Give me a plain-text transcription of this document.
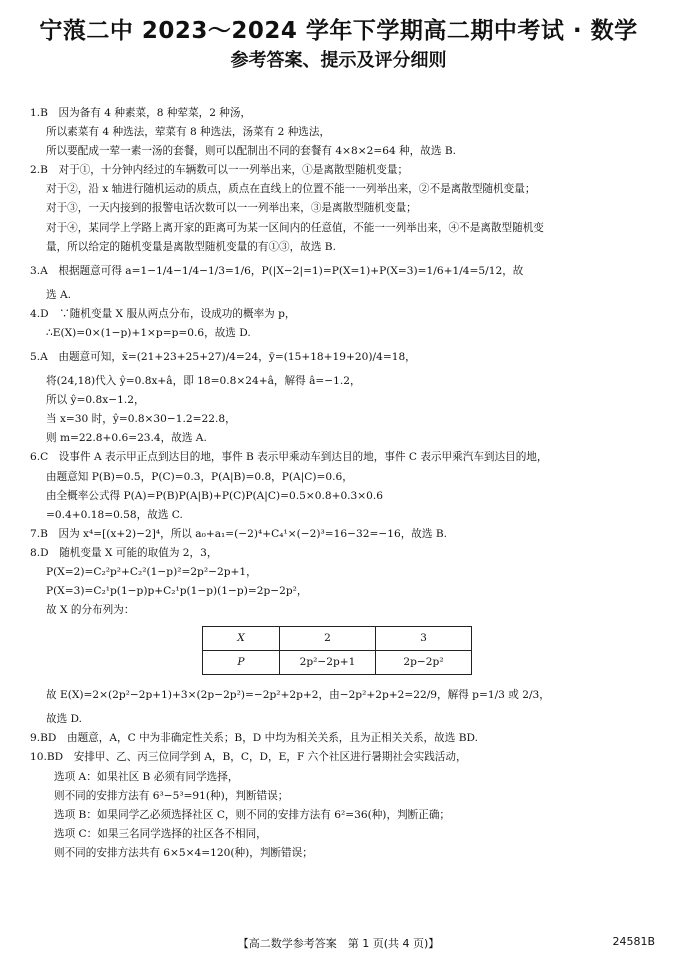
宁蒗二中 2023～2024 学年下学期高二期中考试 · 数学
参考答案、提示及评分细则
1.B　因为备有 4 种素菜，8 种荤菜，2 种汤，
所以素菜有 4 种选法，荤菜有 8 种选法，汤菜有 2 种选法，
所以要配成一荤一素一汤的套餐，则可以配制出不同的套餐有 4×8×2=64 种，故选 B.
2.B　对于①，十分钟内经过的车辆数可以一一列举出来，①是离散型随机变量；
对于②，沿 x 轴进行随机运动的质点，质点在直线上的位置不能一一列举出来，②不是离散型随机变量；
对于③，一天内接到的报警电话次数可以一一列举出来，③是离散型随机变量；
对于④，某同学上学路上离开家的距离可为某一区间内的任意值，不能一一列举出来，④不是离散型随机变
量，所以给定的随机变量是离散型随机变量的有①③，故选 B.
3.A　根据题意可得 a=1−1/4−1/4−1/3=1/6，P(|X−2|=1)=P(X=1)+P(X=3)=1/6+1/4=5/12，故
选 A.
4.D　∵随机变量 X 服从两点分布，设成功的概率为 p，
∴E(X)=0×(1−p)+1×p=p=0.6，故选 D.
5.A　由题意可知，x̄=(21+23+25+27)/4=24，ȳ=(15+18+19+20)/4=18，
将(24,18)代入 ŷ=0.8x+â，即 18=0.8×24+â，解得 â=−1.2，
所以 ŷ=0.8x−1.2，
当 x=30 时，ŷ=0.8×30−1.2=22.8，
则 m=22.8+0.6=23.4，故选 A.
6.C　设事件 A 表示甲正点到达目的地，事件 B 表示甲乘动车到达目的地，事件 C 表示甲乘汽车到达目的地，
由题意知 P(B)=0.5，P(C)=0.3，P(A|B)=0.8，P(A|C)=0.6，
由全概率公式得 P(A)=P(B)P(A|B)+P(C)P(A|C)=0.5×0.8+0.3×0.6
=0.4+0.18=0.58，故选 C.
7.B　因为 x⁴=[(x+2)−2]⁴，所以 a₀+a₁=(−2)⁴+C₄¹×(−2)³=16−32=−16，故选 B.
8.D　随机变量 X 可能的取值为 2，3，
P(X=2)=C₂²p²+C₂²(1−p)²=2p²−2p+1，
P(X=3)=C₂¹p(1−p)p+C₂¹p(1−p)(1−p)=2p−2p²，
故 X 的分布列为：
X	2	3
P	2p²−2p+1	2p−2p²
故 E(X)=2×(2p²−2p+1)+3×(2p−2p²)=−2p²+2p+2，由−2p²+2p+2=22/9，解得 p=1/3 或 2/3，
故选 D.
9.BD　由题意，A，C 中为非确定性关系；B，D 中均为相关关系，且为正相关关系，故选 BD.
10.BD　安排甲、乙、丙三位同学到 A，B，C，D，E，F 六个社区进行暑期社会实践活动，
选项 A：如果社区 B 必须有同学选择，
则不同的安排方法有 6³−5³=91(种)，判断错误；
选项 B：如果同学乙必须选择社区 C，则不同的安排方法有 6²=36(种)，判断正确；
选项 C：如果三名同学选择的社区各不相同，
则不同的安排方法共有 6×5×4=120(种)，判断错误；
【高二数学参考答案　第 1 页(共 4 页)】	24581B
